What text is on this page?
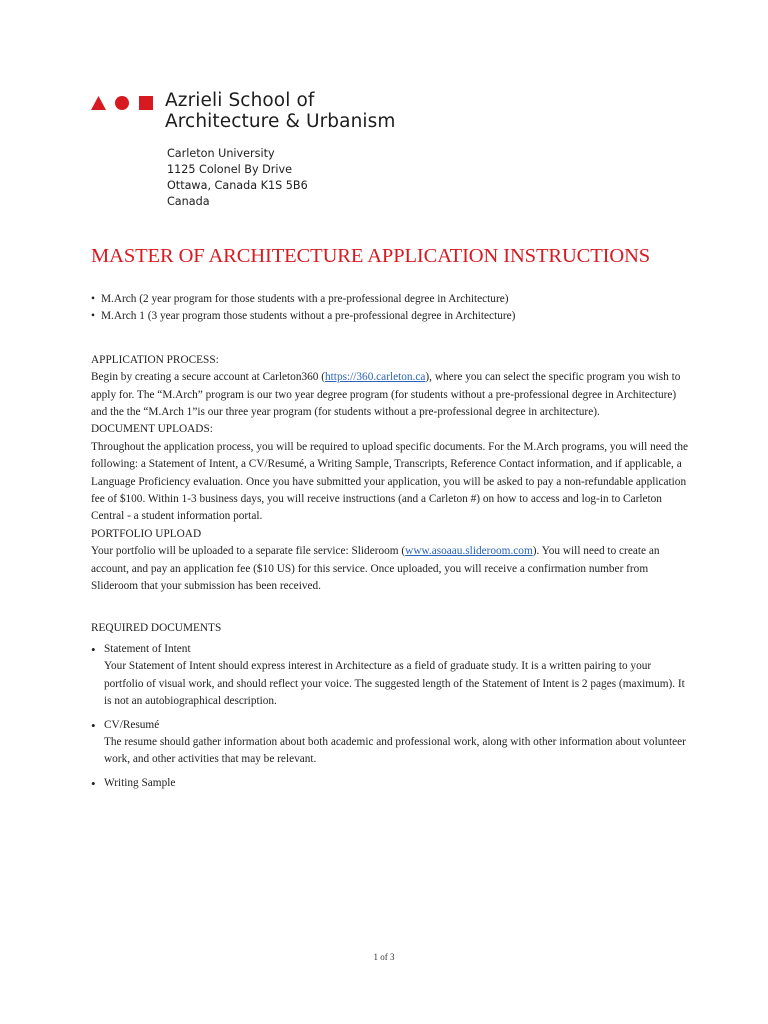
Azrieli School of
Architecture & Urbanism
Carleton University
1125 Colonel By Drive
Ottawa, Canada K1S 5B6
Canada
MASTER OF ARCHITECTURE APPLICATION INSTRUCTIONS
• M.Arch (2 year program for those students with a pre-professional degree in Architecture)
• M.Arch 1 (3 year program those students without a pre-professional degree in Architecture)

APPLICATION PROCESS:

Begin by creating a secure account at Carleton360 (https://360.carleton.ca), where you can select the specific program you wish to apply for. The “M.Arch” program is our two year degree program (for students without a pre-professional degree in Architecture) and the the “M.Arch 1”is our three year program (for students without a pre-professional degree in architecture).

DOCUMENT UPLOADS:

Throughout the application process, you will be required to upload specific documents. For the M.Arch programs, you will need the following: a Statement of Intent, a CV/Resumé, a Writing Sample, Transcripts, Reference Contact information, and if applicable, a Language Proficiency evaluation. Once you have submitted your application, you will be asked to pay a non-refundable application fee of $100. Within 1-3 business days, you will receive instructions (and a Carleton #) on how to access and log-in to Carleton Central - a student information portal.

PORTFOLIO UPLOAD

Your portfolio will be uploaded to a separate file service: Slideroom (www.asoaau.slideroom.com). You will need to create an account, and pay an application fee ($10 US) for this service. Once uploaded, you will receive a confirmation number from Slideroom that your submission has been received.

REQUIRED DOCUMENTS

• Statement of Intent

Your Statement of Intent should express interest in Architecture as a field of graduate study. It is a written pairing to your portfolio of visual work, and should reflect your voice. The suggested length of the Statement of Intent is 2 pages (maximum). It is not an autobiographical description.

• CV/Resumé

The resume should gather information about both academic and professional work, along with other information about volunteer work, and other activities that may be relevant.

• Writing Sample
1 of 3
